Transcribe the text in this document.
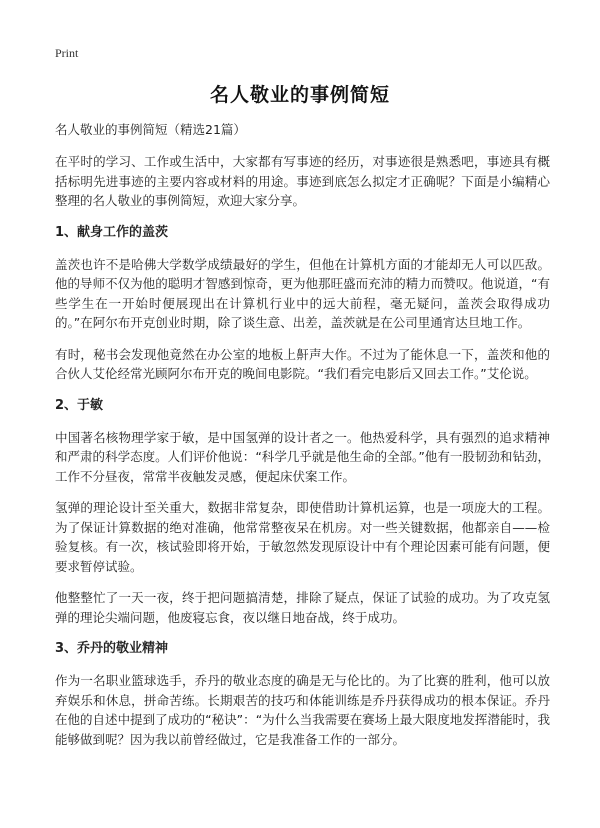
Print
名人敬业的事例简短
名人敬业的事例简短（精选21篇）

在平时的学习、工作或生活中，大家都有写事迹的经历，对事迹很是熟悉吧，事迹具有概括标明先进事迹的主要内容或材料的用途。事迹到底怎么拟定才正确呢？下面是小编精心整理的名人敬业的事例简短，欢迎大家分享。

1、献身工作的盖茨

盖茨也许不是哈佛大学数学成绩最好的学生，但他在计算机方面的才能却无人可以匹敌。他的导师不仅为他的聪明才智感到惊奇，更为他那旺盛而充沛的精力而赞叹。他说道，“有些学生在一开始时便展现出在计算机行业中的远大前程，毫无疑问，盖茨会取得成功的。”在阿尔布开克创业时期，除了谈生意、出差，盖茨就是在公司里通宵达旦地工作。

有时，秘书会发现他竟然在办公室的地板上鼾声大作。不过为了能休息一下，盖茨和他的合伙人艾伦经常光顾阿尔布开克的晚间电影院。“我们看完电影后又回去工作。”艾伦说。

2、于敏

中国著名核物理学家于敏，是中国氢弹的设计者之一。他热爱科学，具有强烈的追求精神和严肃的科学态度。人们评价他说：“科学几乎就是他生命的全部。”他有一股韧劲和钻劲，工作不分昼夜，常常半夜触发灵感，便起床伏案工作。

氢弹的理论设计至关重大，数据非常复杂，即使借助计算机运算，也是一项庞大的工程。为了保证计算数据的绝对准确，他常常整夜呆在机房。对一些关键数据，他都亲自——检验复核。有一次，核试验即将开始，于敏忽然发现原设计中有个理论因素可能有问题，便要求暂停试验。

他整整忙了一天一夜，终于把问题搞清楚，排除了疑点，保证了试验的成功。为了攻克氢弹的理论尖端问题，他废寝忘食，夜以继日地奋战，终于成功。

3、乔丹的敬业精神

作为一名职业篮球选手，乔丹的敬业态度的确是无与伦比的。为了比赛的胜利，他可以放弃娱乐和休息，拼命苦练。长期艰苦的技巧和体能训练是乔丹获得成功的根本保证。乔丹在他的自述中提到了成功的“秘诀”：“为什么当我需要在赛场上最大限度地发挥潜能时，我能够做到呢？因为我以前曾经做过，它是我准备工作的一部分。
